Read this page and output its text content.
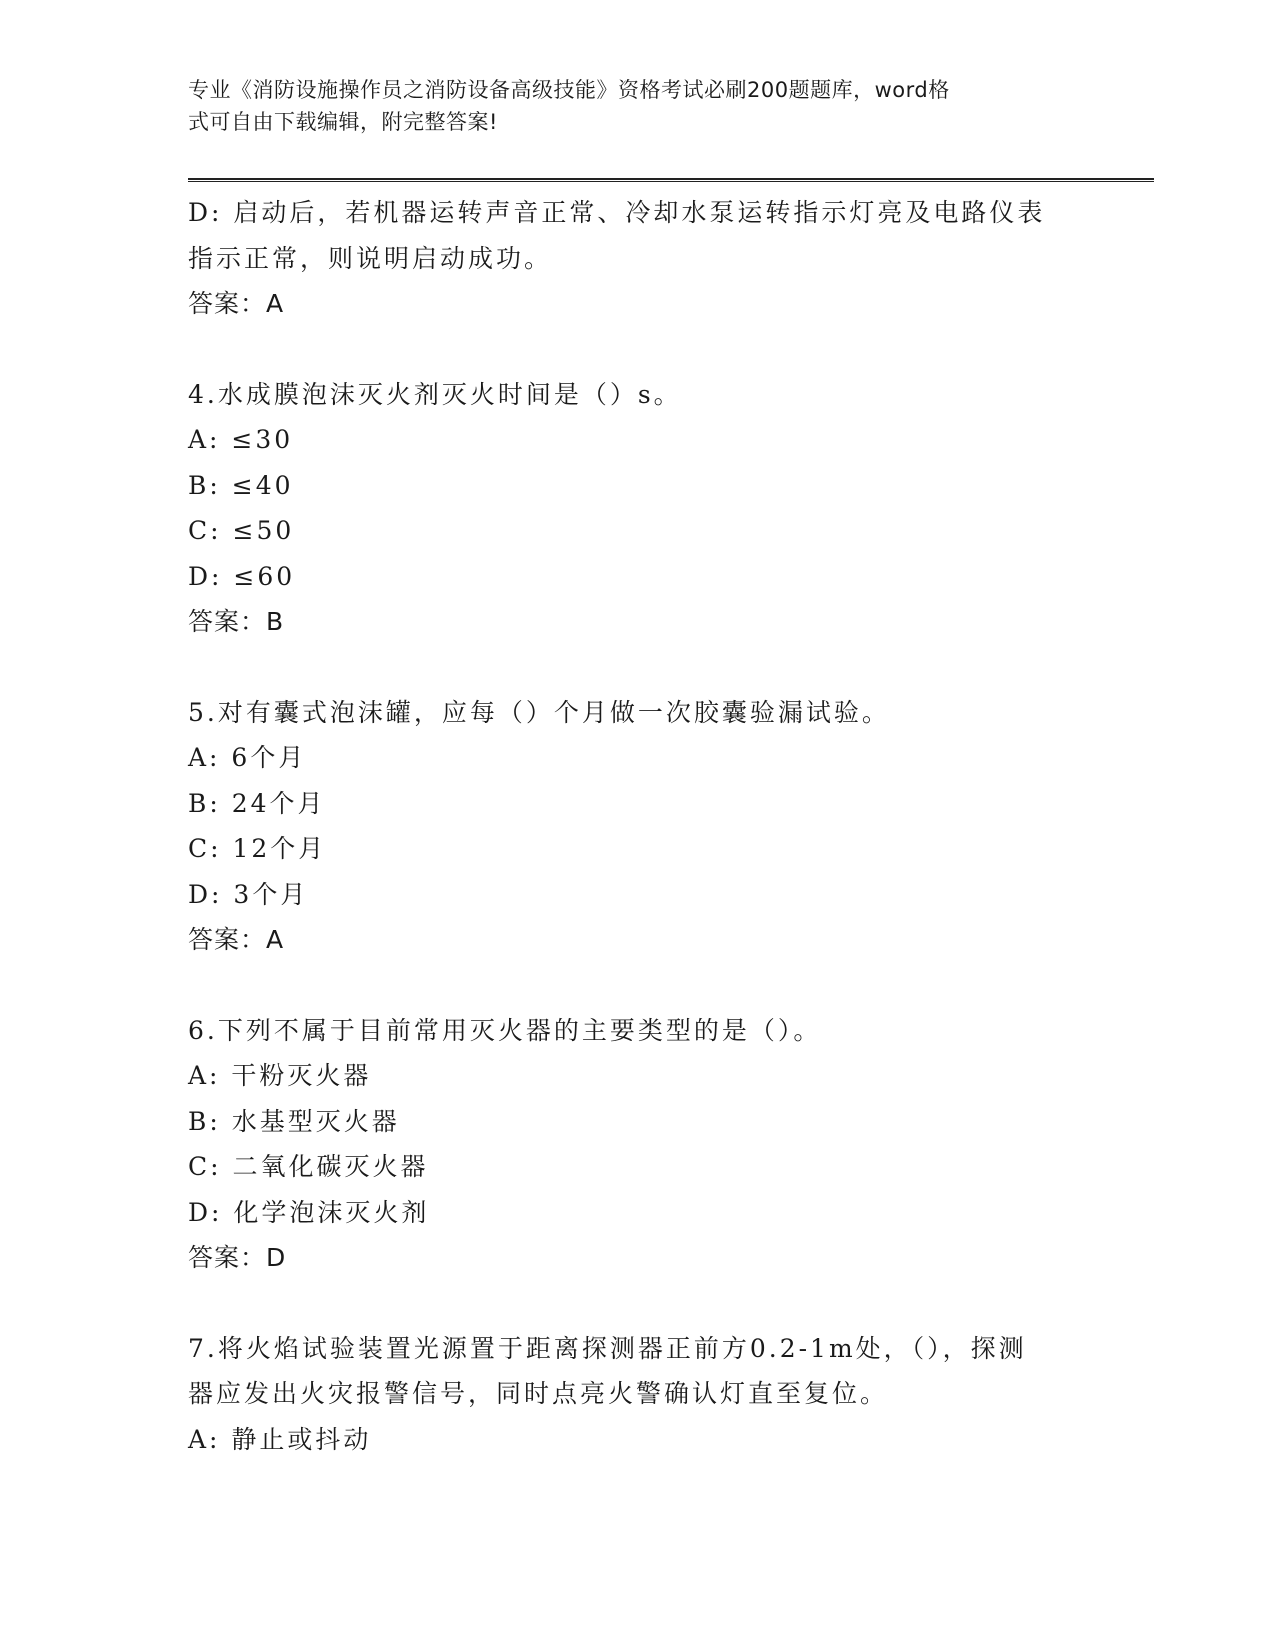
专业《消防设施操作员之消防设备高级技能》资格考试必刷200题题库，word格
式可自由下载编辑，附完整答案!

D: 启动后，若机器运转声音正常、冷却水泵运转指示灯亮及电路仪表

指示正常，则说明启动成功。

答案：A

4.水成膜泡沫灭火剂灭火时间是（）s。

A: ≤30

B: ≤40

C: ≤50

D: ≤60

答案：B

5.对有囊式泡沫罐，应每（）个月做一次胶囊验漏试验。

A: 6个月

B: 24个月

C: 12个月

D: 3个月

答案：A

6.下列不属于目前常用灭火器的主要类型的是（）。

A: 干粉灭火器

B: 水基型灭火器

C: 二氧化碳灭火器

D: 化学泡沫灭火剂

答案：D

7.将火焰试验装置光源置于距离探测器正前方0.2-1m处，（），探测

器应发出火灾报警信号，同时点亮火警确认灯直至复位。

A: 静止或抖动
